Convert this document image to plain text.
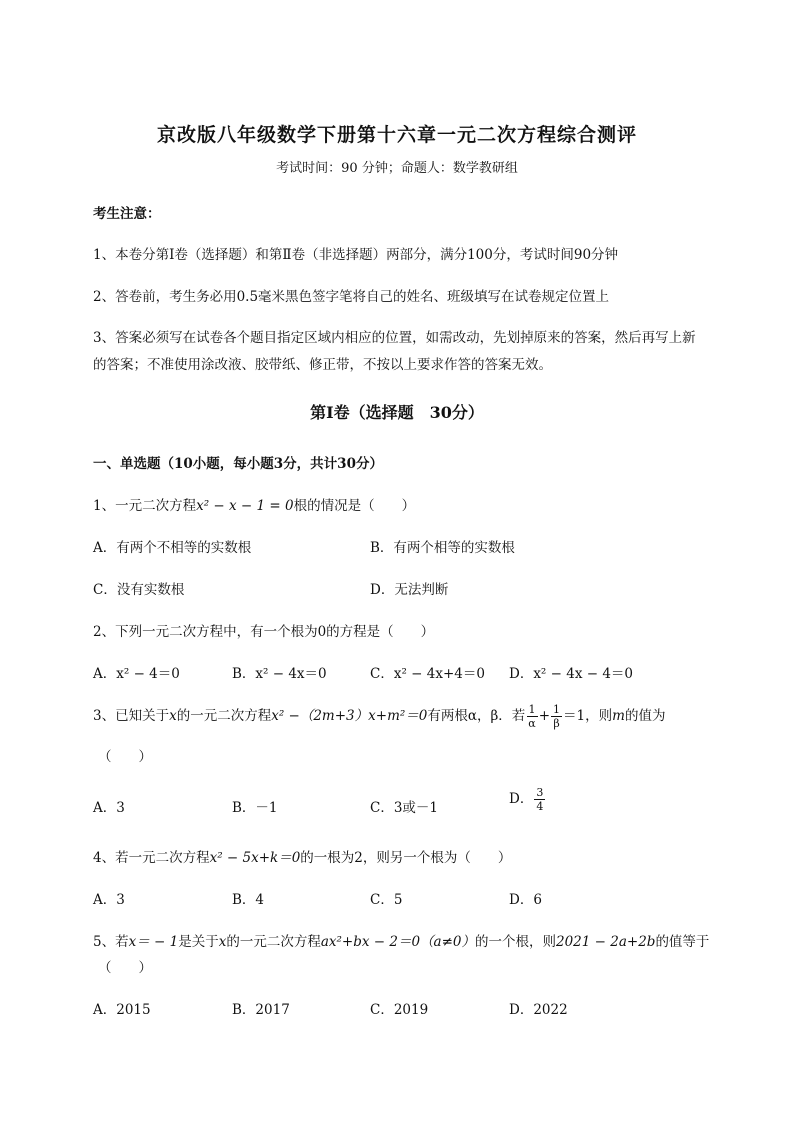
京改版八年级数学下册第十六章一元二次方程综合测评
考试时间：90 分钟；命题人：数学教研组
考生注意：
1、本卷分第Ⅰ卷（选择题）和第Ⅱ卷（非选择题）两部分，满分100分，考试时间90分钟
2、答卷前，考生务必用0.5毫米黑色签字笔将自己的姓名、班级填写在试卷规定位置上
3、答案必须写在试卷各个题目指定区域内相应的位置，如需改动，先划掉原来的答案，然后再写上新
的答案；不准使用涂改液、胶带纸、修正带，不按以上要求作答的答案无效。
第Ⅰ卷（选择题　30分）
一、单选题（10小题，每小题3分，共计30分）
1、一元二次方程x² − x − 1 = 0根的情况是（　　）
A．有两个不相等的实数根	B．有两个相等的实数根
C．没有实数根	D．无法判断
2、下列一元二次方程中，有一个根为0的方程是（　　）
A．x² − 4＝0	B．x² − 4x＝0	C．x² − 4x+4＝0 D．x² − 4x − 4＝0
3、已知关于x的一元二次方程x² −（2m+3）x+m²＝0有两根α，β．若 $\frac{1}{\alpha} + \frac{1}{\beta} =1$，则m的值为
（　　）
A．3	B．－1	C．3或－1
D． $\frac{3}{4}$
4、若一元二次方程x² − 5x+k＝0的一根为2，则另一个根为（　　）
A．3	B．4	C．5	D．6
5、若x＝ − 1是关于x的一元二次方程ax²+bx − 2＝0（a≠0）的一个根，则2021 − 2a+2b的值等于
（　　）
A．2015	B．2017	C．2019	D．2022
